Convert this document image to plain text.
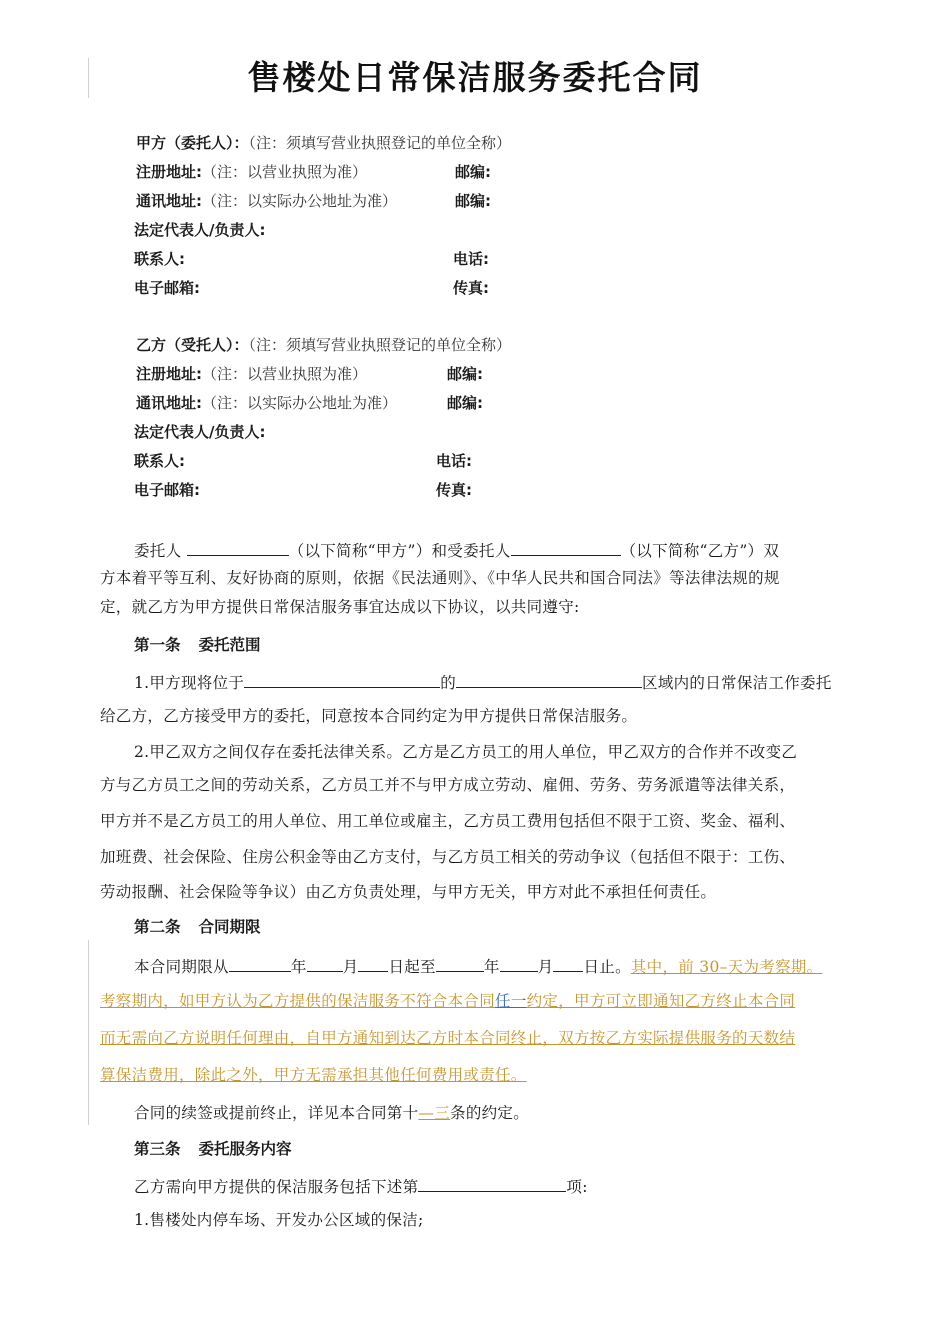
售楼处日常保洁服务委托合同
甲方（委托人）：（注：须填写营业执照登记的单位全称）
注册地址:（注：以营业执照为准）	邮编:
通讯地址:（注：以实际办公地址为准）	邮编:
法定代表人/负责人:
联系人:	电话:
电子邮箱:	传真:
乙方（受托人）：（注：须填写营业执照登记的单位全称）
注册地址:（注：以营业执照为准）	邮编:
通讯地址:（注：以实际办公地址为准）	邮编:
法定代表人/负责人:
联系人:	电话:
电子邮箱:	传真:
委托人	（以下简称“甲方”）和受委托人	（以下简称“乙方”）双
方本着平等互利、友好协商的原则，依据《民法通则》、《中华人民共和国合同法》等法律法规的规
定，就乙方为甲方提供日常保洁服务事宜达成以下协议，以共同遵守:
第一条 委托范围
1.甲方现将位于	的	区域内的日常保洁工作委托
给乙方，乙方接受甲方的委托，同意按本合同约定为甲方提供日常保洁服务。
2.甲乙双方之间仅存在委托法律关系。乙方是乙方员工的用人单位，甲乙双方的合作并不改变乙
方与乙方员工之间的劳动关系，乙方员工并不与甲方成立劳动、雇佣、劳务、劳务派遣等法律关系，
甲方并不是乙方员工的用人单位、用工单位或雇主，乙方员工费用包括但不限于工资、奖金、福利、
加班费、社会保险、住房公积金等由乙方支付，与乙方员工相关的劳动争议（包括但不限于：工伤、
劳动报酬、社会保险等争议）由乙方负责处理，与甲方无关，甲方对此不承担任何责任。
第二条 合同期限
本合同期限从	年 月 日起至	年 月 日止。其中，前 30–天为考察期。
考察期内，如甲方认为乙方提供的保洁服务不符合本合同任一约定，甲方可立即通知乙方终止本合同
而无需向乙方说明任何理由，自甲方通知到达乙方时本合同终止，双方按乙方实际提供服务的天数结
算保洁费用，除此之外，甲方无需承担其他任何费用或责任。
合同的续签或提前终止，详见本合同第十—三条的约定。
第三条 委托服务内容
乙方需向甲方提供的保洁服务包括下述第	项:
1.售楼处内停车场、开发办公区域的保洁;
